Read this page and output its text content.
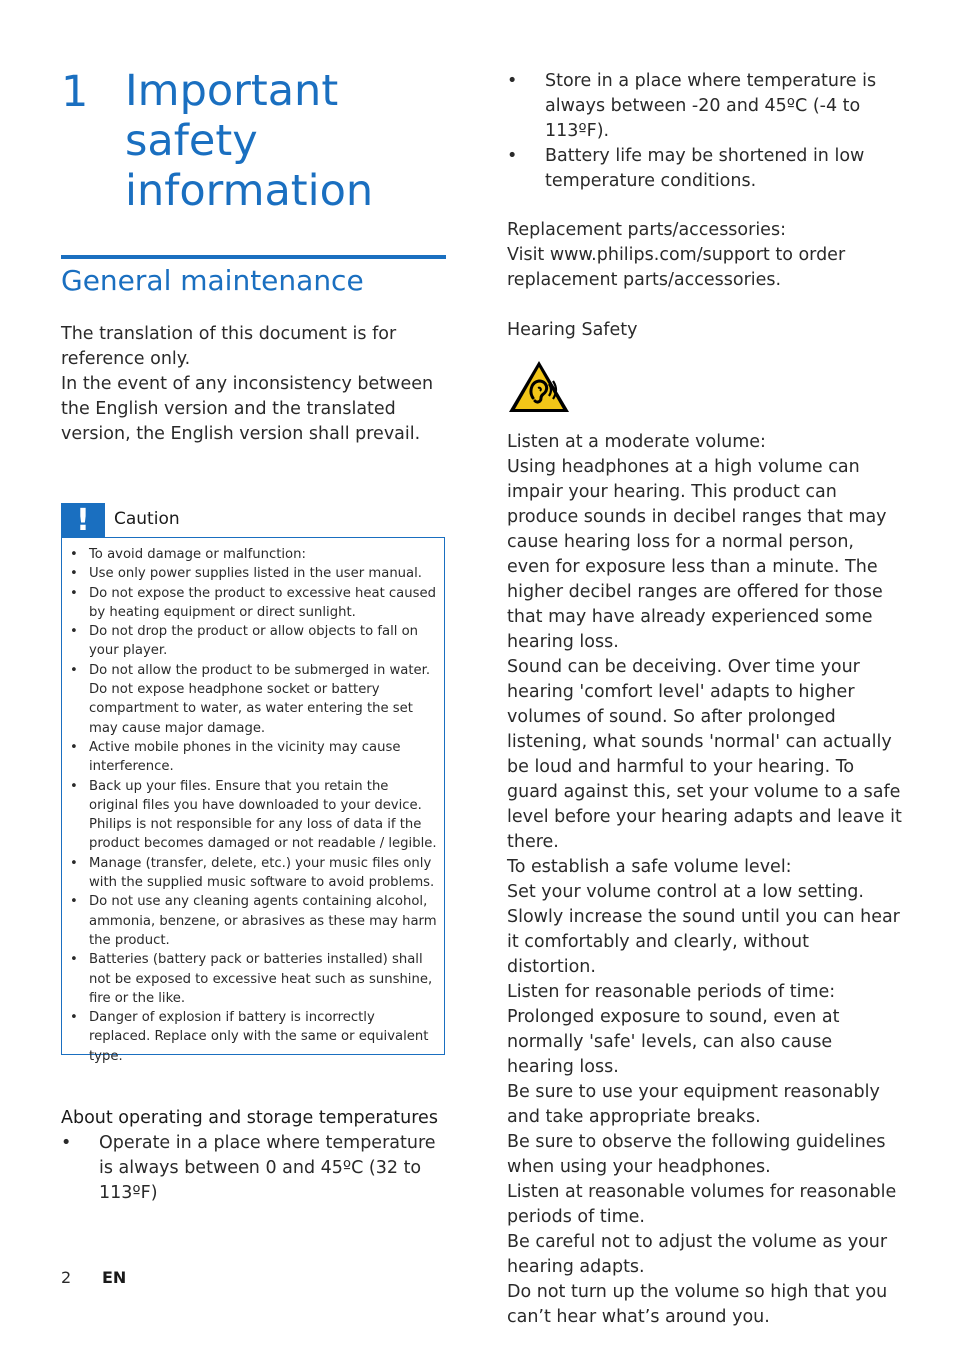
1 Important safety information
General maintenance

The translation of this document is for reference only.

In the event of any inconsistency between the English version and the translated version, the English version shall prevail.

!	Caution
• To avoid damage or malfunction:
• Use only power supplies listed in the user manual.
• Do not expose the product to excessive heat caused by heating equipment or direct sunlight.
• Do not drop the product or allow objects to fall on your player.
• Do not allow the product to be submerged in water. Do not expose headphone socket or battery compartment to water, as water entering the set may cause major damage.
• Active mobile phones in the vicinity may cause interference.
• Back up your files. Ensure that you retain the original files you have downloaded to your device. Philips is not responsible for any loss of data if the product becomes damaged or not readable / legible.
• Manage (transfer, delete, etc.) your music files only with the supplied music software to avoid problems.
• Do not use any cleaning agents containing alcohol, ammonia, benzene, or abrasives as these may harm the product.
• Batteries (battery pack or batteries installed) shall not be exposed to excessive heat such as sunshine, fire or the like.
• Danger of explosion if battery is incorrectly replaced. Replace only with the same or equivalent type.
About operating and storage temperatures
• Operate in a place where temperature is always between 0 and 45ºC (32 to 113ºF)
• Store in a place where temperature is always between -20 and 45ºC (-4 to 113ºF).
• Battery life may be shortened in low temperature conditions.
Replacement parts/accessories:
Visit www.philips.com/support to order replacement parts/accessories.
Hearing Safety
Listen at a moderate volume:

Using headphones at a high volume can impair your hearing. This product can produce sounds in decibel ranges that may cause hearing loss for a normal person, even for exposure less than a minute. The higher decibel ranges are offered for those that may have already experienced some hearing loss.

Sound can be deceiving. Over time your hearing 'comfort level' adapts to higher volumes of sound. So after prolonged listening, what sounds 'normal' can actually be loud and harmful to your hearing. To guard against this, set your volume to a safe level before your hearing adapts and leave it there.

To establish a safe volume level:

Set your volume control at a low setting.

Slowly increase the sound until you can hear it comfortably and clearly, without distortion.

Listen for reasonable periods of time:

Prolonged exposure to sound, even at normally 'safe' levels, can also cause hearing loss.

Be sure to use your equipment reasonably and take appropriate breaks.

Be sure to observe the following guidelines when using your headphones.

Listen at reasonable volumes for reasonable periods of time.

Be careful not to adjust the volume as your hearing adapts.

Do not turn up the volume so high that you can’t hear what’s around you.

2 EN
